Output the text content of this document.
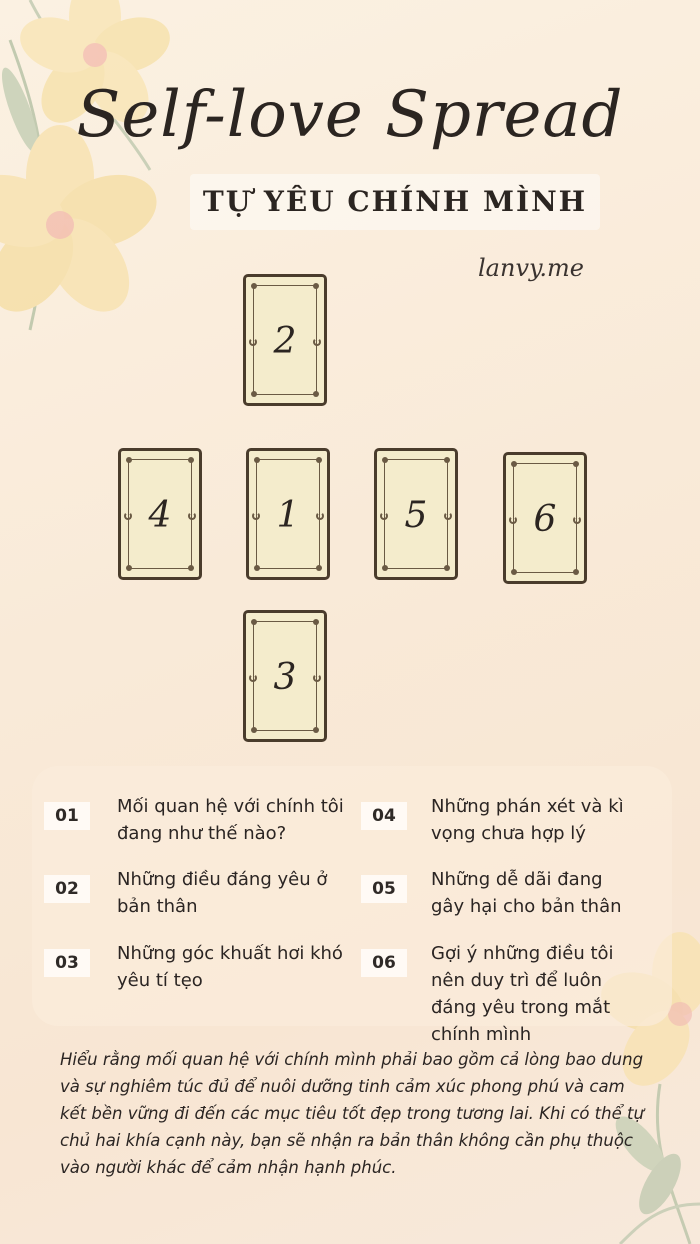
Self-love Spread
TỰ YÊU CHÍNH MÌNH
lanvy.me
2
4	1	5	6
3
01	Mối quan hệ với chính tôi đang như thế nào?
02	Những điều đáng yêu ở bản thân
03	Những góc khuất hơi khó yêu tí tẹo
04	Những phán xét và kì vọng chưa hợp lý
05	Những dễ dãi đang gây hại cho bản thân
06	Gợi ý những điều tôi nên duy trì để luôn đáng yêu trong mắt chính mình
Hiểu rằng mối quan hệ với chính mình phải bao gồm cả lòng bao dung và sự nghiêm túc đủ để nuôi dưỡng tinh cảm xúc phong phú và cam kết bền vững đi đến các mục tiêu tốt đẹp trong tương lai. Khi có thể tự chủ hai khía cạnh này, bạn sẽ nhận ra bản thân không cần phụ thuộc vào người khác để cảm nhận hạnh phúc.
